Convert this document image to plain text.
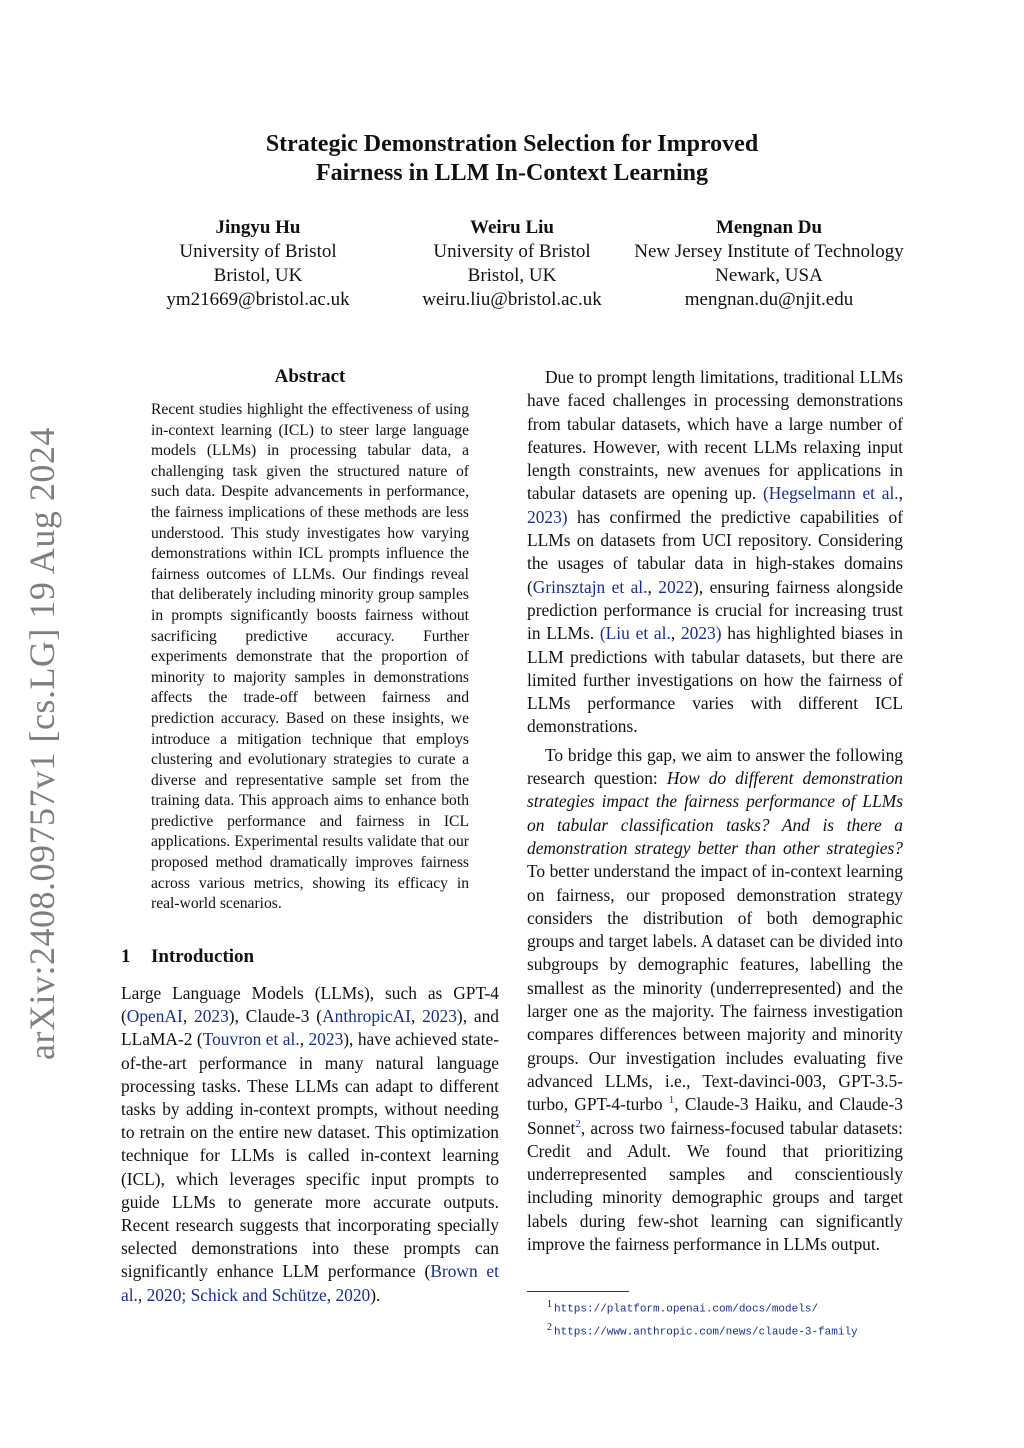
arXiv:2408.09757v1 [cs.LG] 19 Aug 2024
Strategic Demonstration Selection for Improved
Fairness in LLM In-Context Learning
Jingyu Hu
University of Bristol
Bristol, UK
ym21669@bristol.ac.uk
Weiru Liu
University of Bristol
Bristol, UK
weiru.liu@bristol.ac.uk
Mengnan Du
New Jersey Institute of Technology
Newark, USA
mengnan.du@njit.edu
Abstract
Recent studies highlight the effectiveness of using in-context learning (ICL) to steer large language models (LLMs) in processing tabular data, a challenging task given the structured nature of such data. Despite advancements in performance, the fairness implications of these methods are less understood. This study investigates how varying demonstrations within ICL prompts influence the fairness outcomes of LLMs. Our findings reveal that deliberately including minority group samples in prompts significantly boosts fairness without sacrificing predictive accuracy. Further experiments demonstrate that the proportion of minority to majority samples in demonstrations affects the trade-off between fairness and prediction accuracy. Based on these insights, we introduce a mitigation technique that employs clustering and evolutionary strategies to curate a diverse and representative sample set from the training data. This approach aims to enhance both predictive performance and fairness in ICL applications. Experimental results validate that our proposed method dramatically improves fairness across various metrics, showing its efficacy in real-world scenarios.
1 Introduction
Large Language Models (LLMs), such as GPT-4 (OpenAI, 2023), Claude-3 (AnthropicAI, 2023), and LLaMA-2 (Touvron et al., 2023), have achieved state-of-the-art performance in many natural language processing tasks. These LLMs can adapt to different tasks by adding in-context prompts, without needing to retrain on the entire new dataset. This optimization technique for LLMs is called in-context learning (ICL), which leverages specific input prompts to guide LLMs to generate more accurate outputs. Recent research suggests that incorporating specially selected demonstrations into these prompts can significantly enhance LLM performance (Brown et al., 2020; Schick and Schütze, 2020).

Due to prompt length limitations, traditional LLMs have faced challenges in processing demonstrations from tabular datasets, which have a large number of features. However, with recent LLMs relaxing input length constraints, new avenues for applications in tabular datasets are opening up. (Hegselmann et al., 2023) has confirmed the predictive capabilities of LLMs on datasets from UCI repository. Considering the usages of tabular data in high-stakes domains (Grinsztajn et al., 2022), ensuring fairness alongside prediction performance is crucial for increasing trust in LLMs. (Liu et al., 2023) has highlighted biases in LLM predictions with tabular datasets, but there are limited further investigations on how the fairness of LLMs performance varies with different ICL demonstrations.

To bridge this gap, we aim to answer the following research question: How do different demonstration strategies impact the fairness performance of LLMs on tabular classification tasks? And is there a demonstration strategy better than other strategies? To better understand the impact of in-context learning on fairness, our proposed demonstration strategy considers the distribution of both demographic groups and target labels. A dataset can be divided into subgroups by demographic features, labelling the smallest as the minority (underrepresented) and the larger one as the majority. The fairness investigation compares differences between majority and minority groups. Our investigation includes evaluating five advanced LLMs, i.e., Text-davinci-003, GPT-3.5-turbo, GPT-4-turbo $^1$, Claude-3 Haiku, and Claude-3 Sonnet$^2$, across two fairness-focused tabular datasets: Credit and Adult. We found that prioritizing underrepresented samples and conscientiously including minority demographic groups and target labels during few-shot learning can significantly improve the fairness performance in LLMs output.

1 https://platform.openai.com/docs/models/
2 https://www.anthropic.com/news/claude-3-family
